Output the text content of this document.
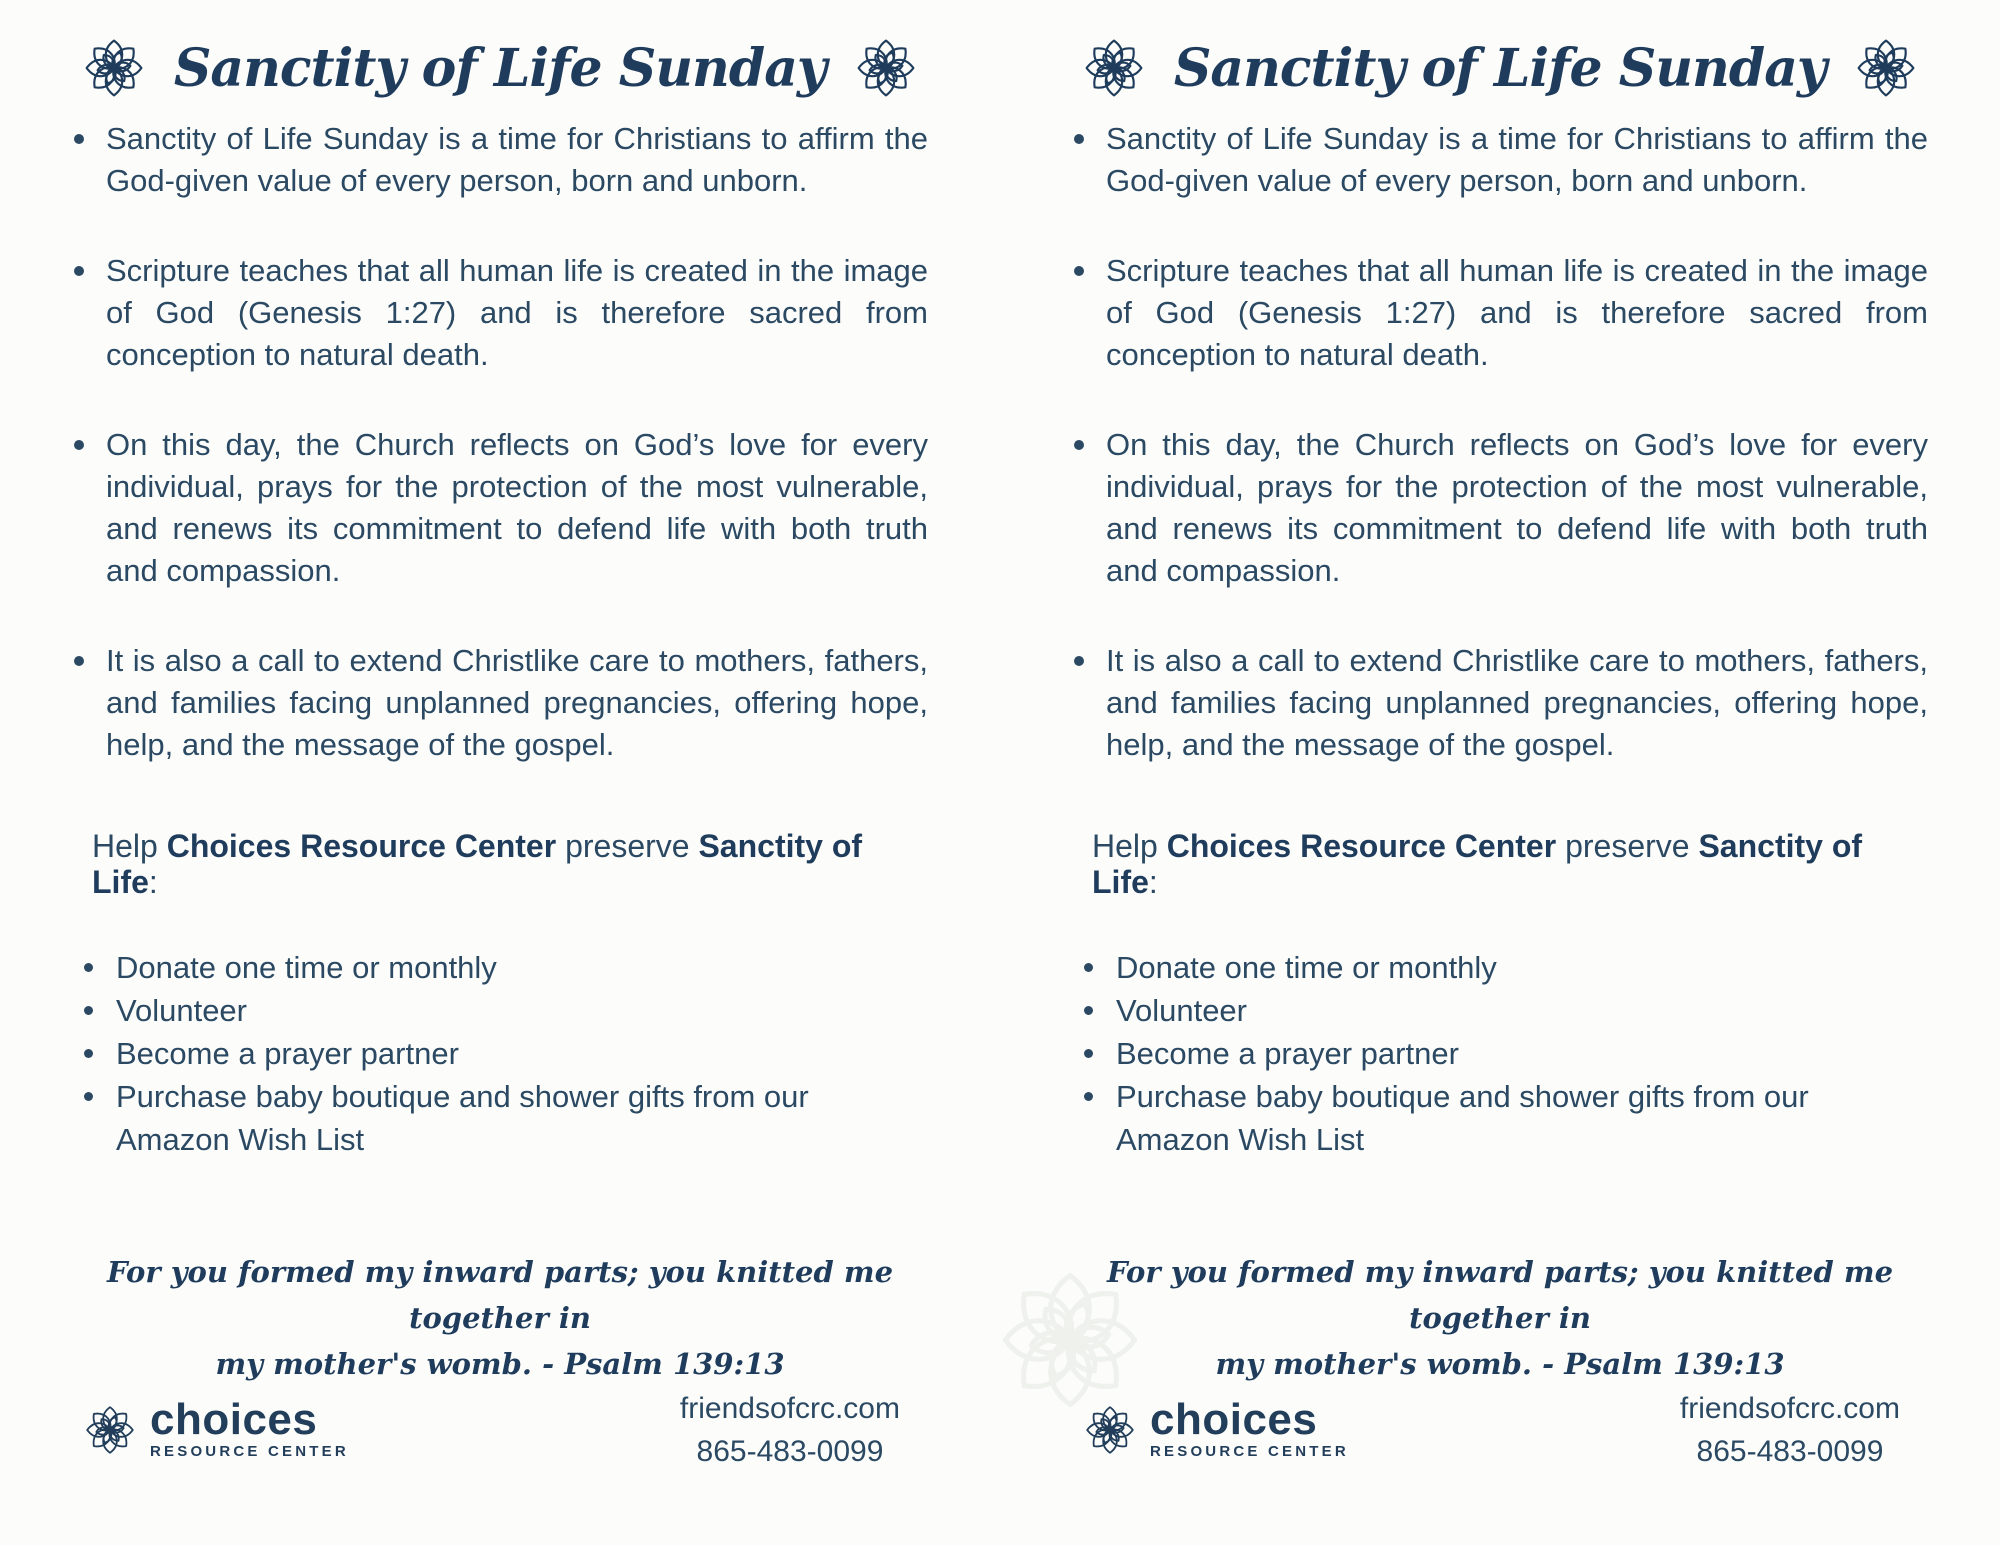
Sanctity of Life Sunday
Sanctity of Life Sunday is a time for Christians to affirm the God-given value of every person, born and unborn.
Scripture teaches that all human life is created in the image of God (Genesis 1:27) and is therefore sacred from conception to natural death.
On this day, the Church reflects on God’s love for every individual, prays for the protection of the most vulnerable, and renews its commitment to defend life with both truth and compassion.
It is also a call to extend Christlike care to mothers, fathers, and families facing unplanned pregnancies, offering hope, help, and the message of the gospel.

Help Choices Resource Center preserve Sanctity of Life:

Donate one time or monthly
Volunteer
Become a prayer partner
Purchase baby boutique and shower gifts from our Amazon Wish List

For you formed my inward parts; you knitted me together in
my mother's womb. - Psalm 139:13

choices
RESOURCE CENTER
friendsofcrc.com
865-483-0099
Sanctity of Life Sunday
Sanctity of Life Sunday is a time for Christians to affirm the God-given value of every person, born and unborn.
Scripture teaches that all human life is created in the image of God (Genesis 1:27) and is therefore sacred from conception to natural death.
On this day, the Church reflects on God’s love for every individual, prays for the protection of the most vulnerable, and renews its commitment to defend life with both truth and compassion.
It is also a call to extend Christlike care to mothers, fathers, and families facing unplanned pregnancies, offering hope, help, and the message of the gospel.

Help Choices Resource Center preserve Sanctity of Life:

Donate one time or monthly
Volunteer
Become a prayer partner
Purchase baby boutique and shower gifts from our Amazon Wish List

For you formed my inward parts; you knitted me together in
my mother's womb. - Psalm 139:13

choices
RESOURCE CENTER
friendsofcrc.com
865-483-0099
